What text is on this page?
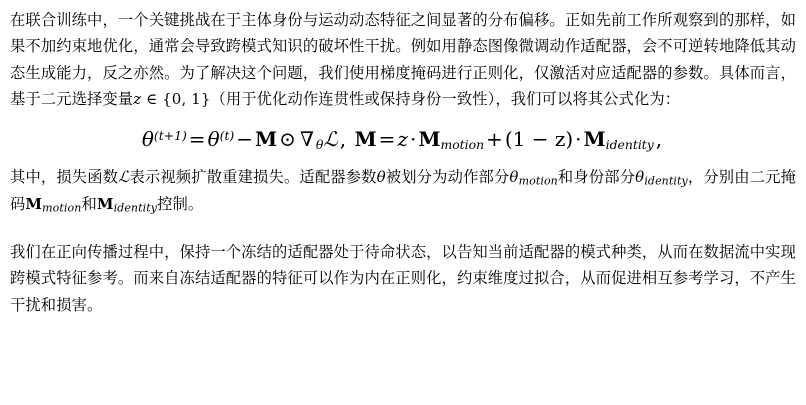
在联合训练中，一个关键挑战在于主体身份与运动动态特征之间显著的分布偏移。正如先前工作所观察到的那样，如果不加约束地优化，通常会导致跨模式知识的破坏性干扰。例如用静态图像微调动作适配器，会不可逆转地降低其动态生成能力，反之亦然。为了解决这个问题，我们使用梯度掩码进行正则化，仅激活对应适配器的参数。具体而言，基于二元选择变量z ∈ {0, 1}（用于优化动作连贯性或保持身份一致性），我们可以将其公式化为：

$\theta^{(t+1)} = \theta^{(t)} - M$ ⊙ ∇ θℒ , M = z · Mmotion + (1 − z) · Midentity ,

其中，损失函数ℒ表示视频扩散重建损失。适配器参数θ被划分为动作部分$\theta_{motion}$和身份部分$\theta_{identity}$，分别由二元掩码$M_{motion}$和$M_{identity}$控制。

我们在正向传播过程中，保持一个冻结的适配器处于待命状态，以告知当前适配器的模式种类，从而在数据流中实现跨模式特征参考。而来自冻结适配器的特征可以作为内在正则化，约束维度过拟合，从而促进相互参考学习，不产生干扰和损害。
